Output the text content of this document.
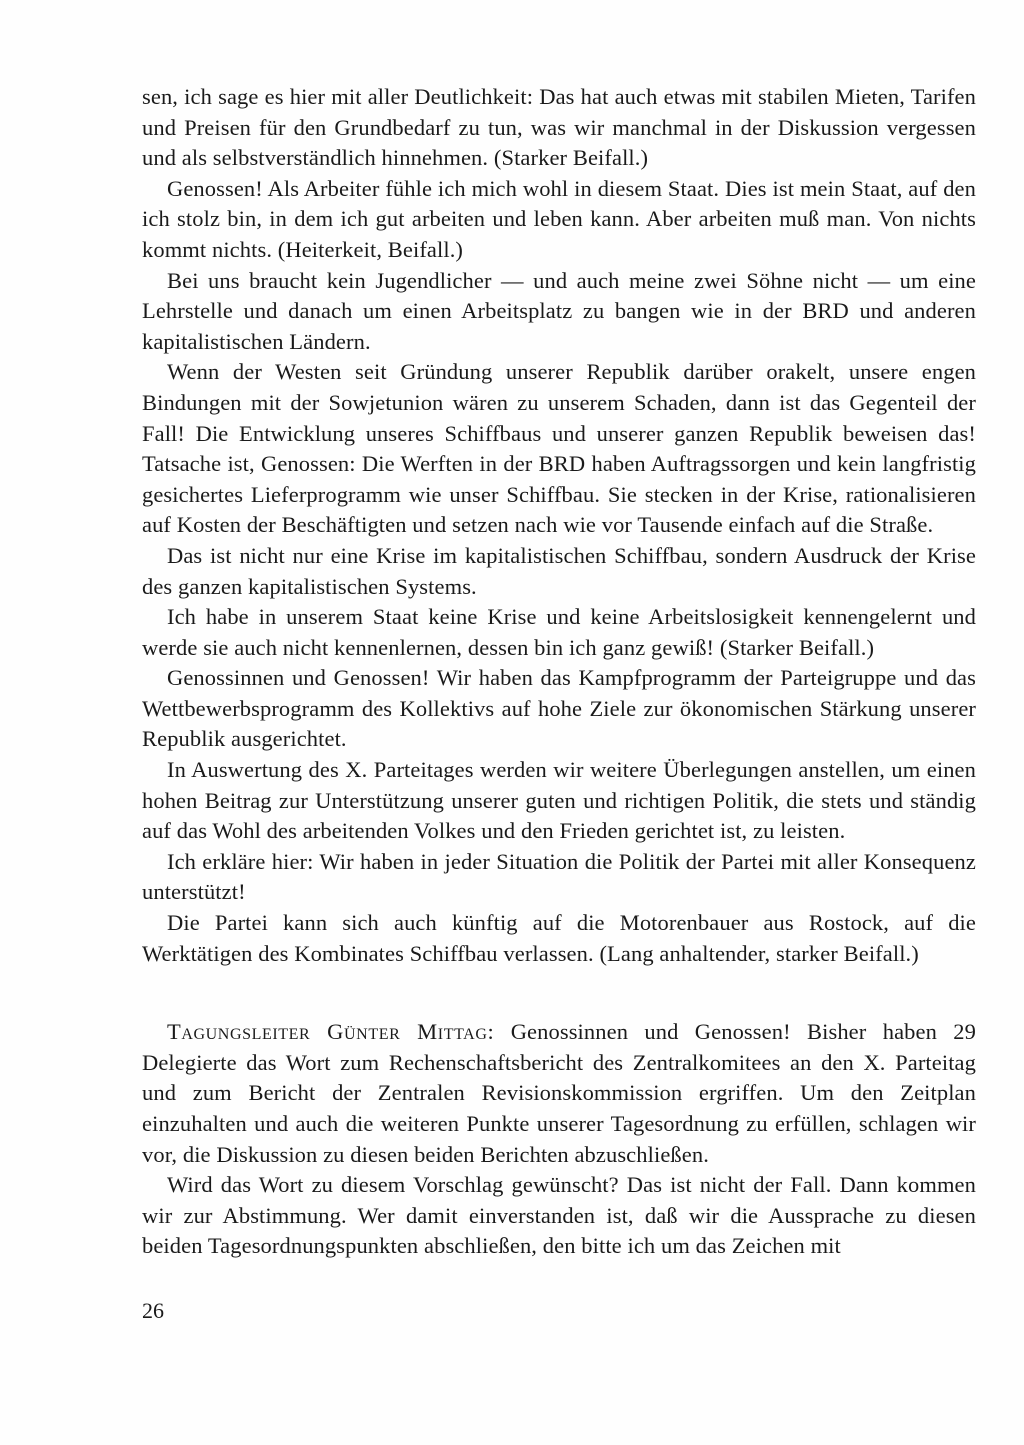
sen, ich sage es hier mit aller Deutlichkeit: Das hat auch etwas mit stabilen Mieten, Tarifen und Preisen für den Grundbedarf zu tun, was wir manchmal in der Diskussion vergessen und als selbstverständlich hinnehmen. (Starker Beifall.)

Genossen! Als Arbeiter fühle ich mich wohl in diesem Staat. Dies ist mein Staat, auf den ich stolz bin, in dem ich gut arbeiten und leben kann. Aber arbeiten muß man. Von nichts kommt nichts. (Heiterkeit, Beifall.)

Bei uns braucht kein Jugendlicher — und auch meine zwei Söhne nicht — um eine Lehrstelle und danach um einen Arbeitsplatz zu bangen wie in der BRD und anderen kapitalistischen Ländern.

Wenn der Westen seit Gründung unserer Republik darüber orakelt, unsere engen Bindungen mit der Sowjetunion wären zu unserem Schaden, dann ist das Gegenteil der Fall! Die Entwicklung unseres Schiffbaus und unserer ganzen Republik beweisen das! Tatsache ist, Genossen: Die Werften in der BRD haben Auftragssorgen und kein langfristig gesichertes Lieferprogramm wie unser Schiffbau. Sie stecken in der Krise, rationalisieren auf Kosten der Beschäftigten und setzen nach wie vor Tausende einfach auf die Straße.

Das ist nicht nur eine Krise im kapitalistischen Schiffbau, sondern Ausdruck der Krise des ganzen kapitalistischen Systems.

Ich habe in unserem Staat keine Krise und keine Arbeitslosigkeit kennengelernt und werde sie auch nicht kennenlernen, dessen bin ich ganz gewiß! (Starker Beifall.)

Genossinnen und Genossen! Wir haben das Kampfprogramm der Parteigruppe und das Wettbewerbsprogramm des Kollektivs auf hohe Ziele zur ökonomischen Stärkung unserer Republik ausgerichtet.

In Auswertung des X. Parteitages werden wir weitere Überlegungen anstellen, um einen hohen Beitrag zur Unterstützung unserer guten und richtigen Politik, die stets und ständig auf das Wohl des arbeitenden Volkes und den Frieden gerichtet ist, zu leisten.

Ich erkläre hier: Wir haben in jeder Situation die Politik der Partei mit aller Konsequenz unterstützt!

Die Partei kann sich auch künftig auf die Motorenbauer aus Rostock, auf die Werktätigen des Kombinates Schiffbau verlassen. (Lang anhaltender, starker Beifall.)

Tagungsleiter Günter Mittag: Genossinnen und Genossen! Bisher haben 29 Delegierte das Wort zum Rechenschaftsbericht des Zentralkomitees an den X. Parteitag und zum Bericht der Zentralen Revisionskommission ergriffen. Um den Zeitplan einzuhalten und auch die weiteren Punkte unserer Tagesordnung zu erfüllen, schlagen wir vor, die Diskussion zu diesen beiden Berichten abzuschließen.

Wird das Wort zu diesem Vorschlag gewünscht? Das ist nicht der Fall. Dann kommen wir zur Abstimmung. Wer damit einverstanden ist, daß wir die Aussprache zu diesen beiden Tagesordnungspunkten abschließen, den bitte ich um das Zeichen mit

26
